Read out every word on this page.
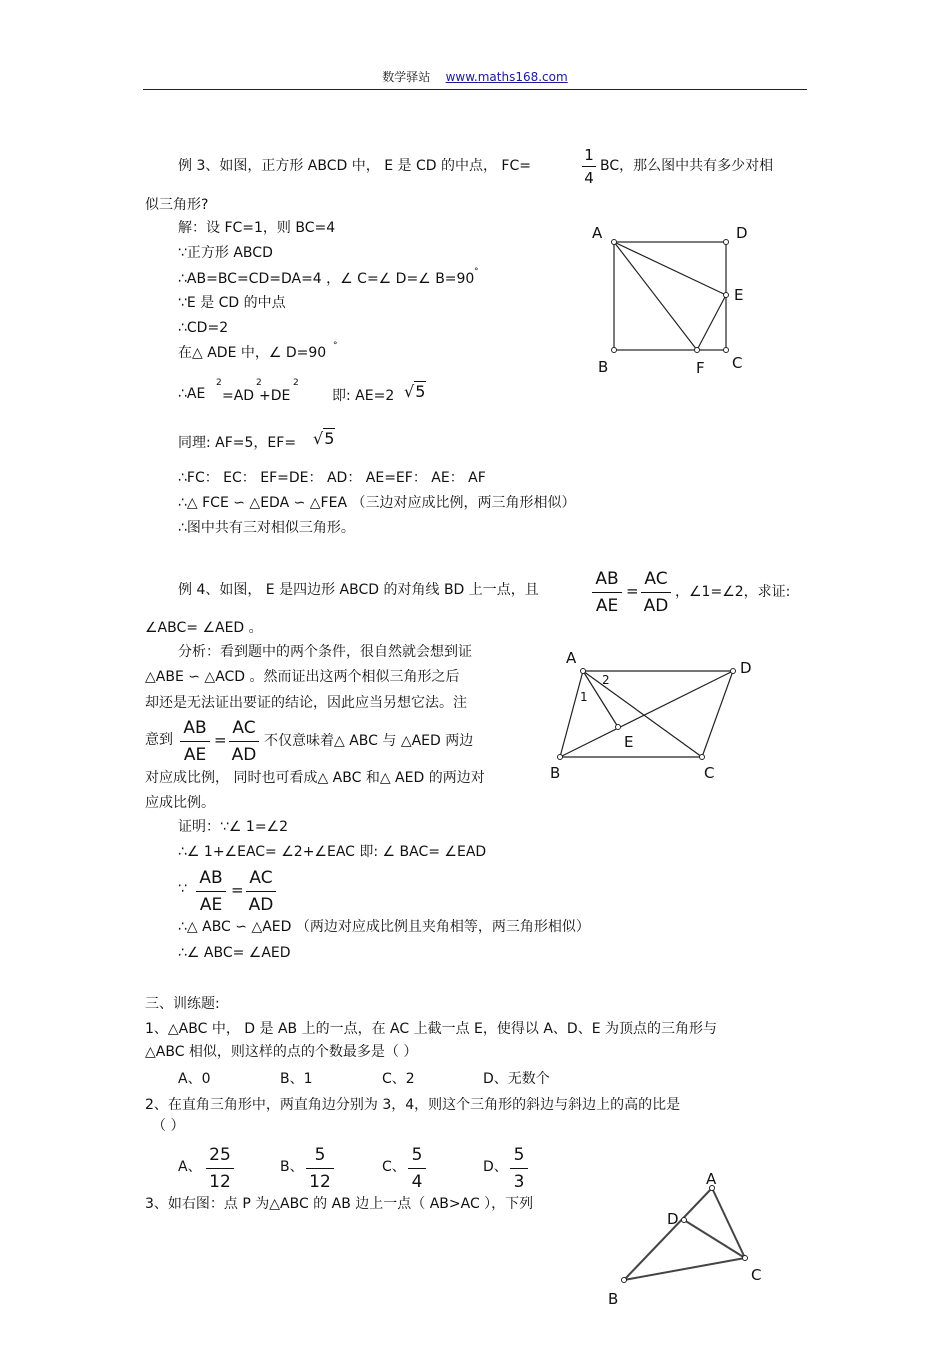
数学驿站 www.maths168.com
例 3、如图，正方形 ABCD 中， E 是 CD 的中点， FC=	$\frac{1}{4}$ BC，那么图中共有多少对相
似三角形?
解：设 FC=1，则 BC=4
∵正方形 ABCD
∴AB=BC=CD=DA=4 ，∠ C=∠ D=∠ B=90 °
∵E 是 CD 的中点
∴CD=2
在△ ADE 中，∠ D=90 °
∴AE
2
=AD
2
+DE
2
即: AE=2 √5
同理: AF=5，EF= √5
∴FC： EC： EF=DE： AD： AE=EF： AE： AF
∴△ FCE ∽ △EDA ∽ △FEA （三边对应成比例，两三角形相似）
∴图中共有三对相似三角形。
A	D
E
B	F C
例 4、如图， E 是四边形 ABCD 的对角线 BD 上一点，且	$\frac{AB}{AE} = \frac{AC}{AD}$ ，∠1=∠2，求证:
∠ABC= ∠AED 。
分析：看到题中的两个条件，很自然就会想到证
△ABE ∽ △ACD 。然而证出这两个相似三角形之后
却还是无法证出要证的结论，因此应当另想它法。注
意到 $\frac{AB}{AE} = \frac{AC}{AD}$ 不仅意味着△ ABC 与 △AED 两边
对应成比例， 同时也可看成△ ABC 和△ AED 的两边对
应成比例。
证明：∵∠ 1=∠2
∴∠ 1+∠EAC= ∠2+∠EAC 即: ∠ BAC= ∠EAD
∵ $\frac{AB}{AE} = \frac{AC}{AD}$
∴△ ABC ∽ △AED （两边对应成比例且夹角相等，两三角形相似）
∴∠ ABC= ∠AED
A
D
B	C
E
1
2
三、训练题:
1、△ABC 中， D 是 AB 上的一点，在 AC 上截一点 E，使得以 A、D、E 为顶点的三角形与
△ABC 相似，则这样的点的个数最多是（ ）
A、0	B、1	C、2	D、无数个
2、在直角三角形中，两直角边分别为 3，4，则这个三角形的斜边与斜边上的高的比是
（ ）
A、 $\frac{25}{12}$	B、 $\frac{5}{12}$	C、 $\frac{5}{4}$	D、 $\frac{5}{3}$
3、如右图：点 P 为△ABC 的 AB 边上一点（ AB>AC ），下列
A
D
C
B
